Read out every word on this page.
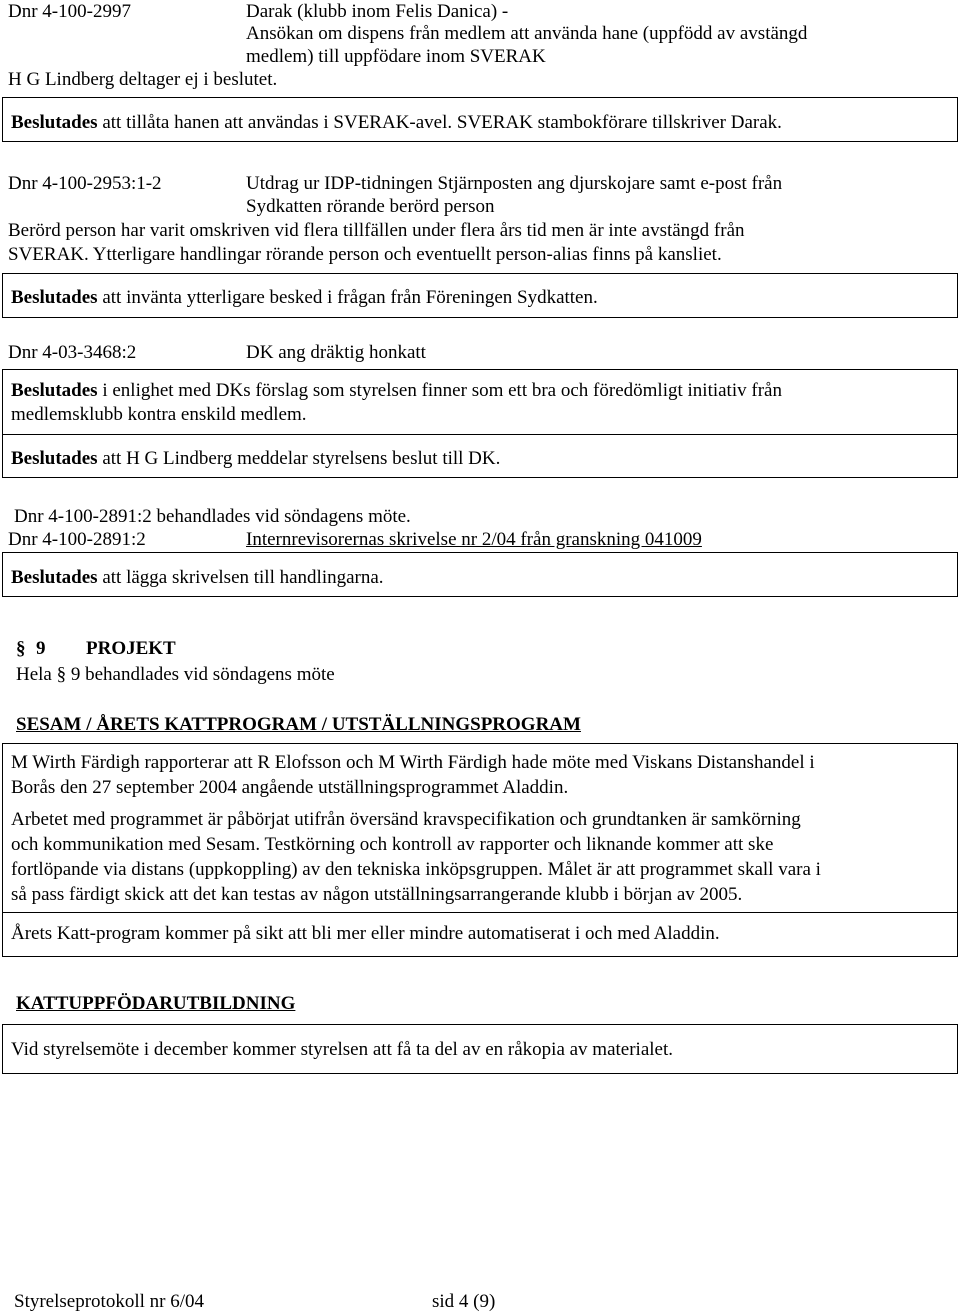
Dnr 4-100-2997	Darak (klubb inom Felis Danica) -
Ansökan om dispens från medlem att använda hane (uppfödd av avstängd
medlem) till uppfödare inom SVERAK
H G Lindberg deltager ej i beslutet.
Beslutades att tillåta hanen att användas i SVERAK-avel. SVERAK stambokförare tillskriver Darak.
Dnr 4-100-2953:1-2	Utdrag ur IDP-tidningen Stjärnposten ang djurskojare samt e-post från
Sydkatten rörande berörd person
Berörd person har varit omskriven vid flera tillfällen under flera års tid men är inte avstängd från
SVERAK. Ytterligare handlingar rörande person och eventuellt person-alias finns på kansliet.
Beslutades att invänta ytterligare besked i frågan från Föreningen Sydkatten.
Dnr 4-03-3468:2	DK ang dräktig honkatt
Beslutades i enlighet med DKs förslag som styrelsen finner som ett bra och föredömligt initiativ från
medlemsklubb kontra enskild medlem.
Beslutades att H G Lindberg meddelar styrelsens beslut till DK.
Dnr 4-100-2891:2 behandlades vid söndagens möte.
Dnr 4-100-2891:2	Internrevisorernas skrivelse nr 2/04 från granskning 041009
Beslutades att lägga skrivelsen till handlingarna.
§ 9 PROJEKT
Hela § 9 behandlades vid söndagens möte
SESAM / ÅRETS KATTPROGRAM / UTSTÄLLNINGSPROGRAM
M Wirth Färdigh rapporterar att R Elofsson och M Wirth Färdigh hade möte med Viskans Distanshandel i
Borås den 27 september 2004 angående utställningsprogrammet Aladdin.
Arbetet med programmet är påbörjat utifrån översänd kravspecifikation och grundtanken är samkörning
och kommunikation med Sesam. Testkörning och kontroll av rapporter och liknande kommer att ske
fortlöpande via distans (uppkoppling) av den tekniska inköpsgruppen. Målet är att programmet skall vara i
så pass färdigt skick att det kan testas av någon utställningsarrangerande klubb i början av 2005.
Årets Katt-program kommer på sikt att bli mer eller mindre automatiserat i och med Aladdin.
KATTUPPFÖDARUTBILDNING
Vid styrelsemöte i december kommer styrelsen att få ta del av en råkopia av materialet.
Styrelseprotokoll nr 6/04	sid 4 (9)
